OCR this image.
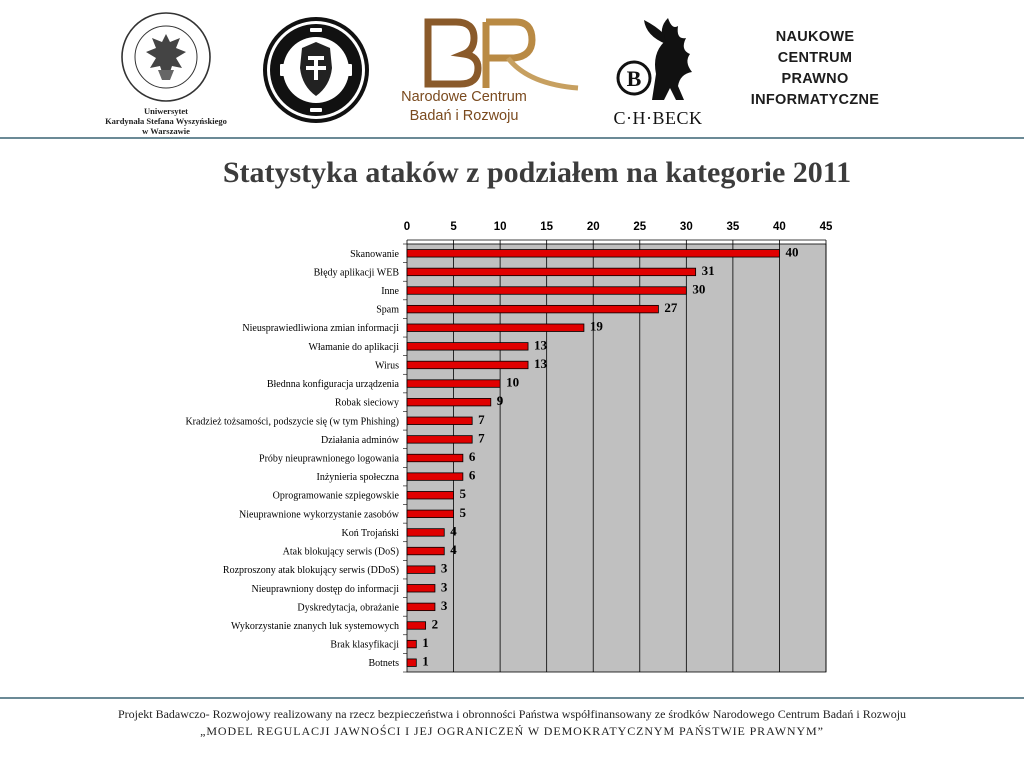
Uniwersytet
Kardynała Stefana Wyszyńskiego
w Warszawie
Narodowe Centrum
Badań i Rozwoju
B
C·H·BECK
NAUKOWE
CENTRUM
PRAWNO
INFORMATYCZNE
Statystyka ataków z podziałem na kategorie 2011
0	5	10	15	20	25	30	35	40	45
Skanowanie	40
Błędy aplikacji WEB	31
Inne	30
Spam	27
Nieusprawiedliwiona zmian informacji	19
Włamanie do aplikacji	13
Wirus	13
Błednna konfiguracja urządzenia	10
Robak sieciowy	9
Kradzież tożsamości, podszycie się (w tym Phishing)	7
Działania adminów	7
Próby nieuprawnionego logowania	6
Inżynieria społeczna	6
Oprogramowanie szpiegowskie	5
Nieuprawnione wykorzystanie zasobów	5
Koń Trojański	4
Atak blokujący serwis (DoS)	4
Rozproszony atak blokujący serwis (DDoS)	3
Nieuprawniony dostęp do informacji	3
Dyskredytacja, obrażanie	3
Wykorzystanie znanych luk systemowych	2
Brak klasyfikacji 1
Botnets 1
Projekt Badawczo- Rozwojowy realizowany na rzecz bezpieczeństwa i obronności Państwa współfinansowany ze środków Narodowego Centrum Badań i Rozwoju
„MODEL REGULACJI JAWNOŚCI I JEJ OGRANICZEŃ W DEMOKRATYCZNYM PAŃSTWIE PRAWNYM”
